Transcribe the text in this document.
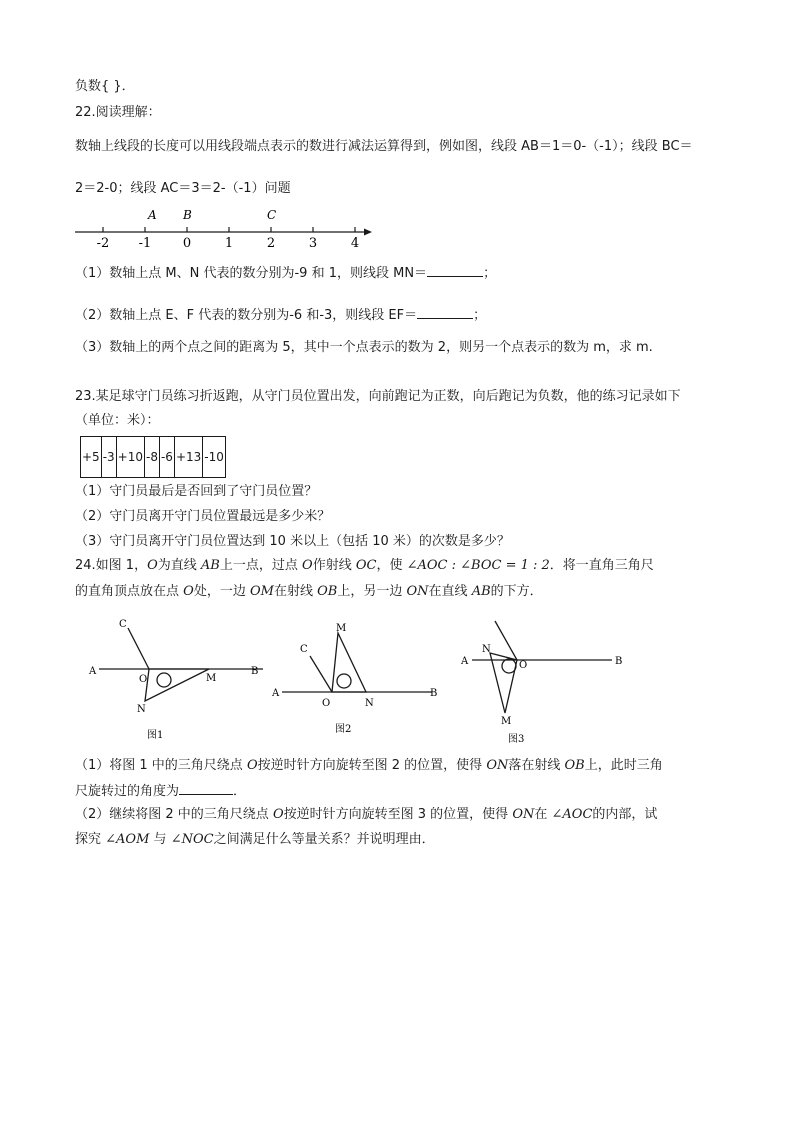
负数{ }．
22.阅读理解：
数轴上线段的长度可以用线段端点表示的数进行减法运算得到，例如图，线段 AB＝1＝0-（-1）；线段 BC＝
2＝2-0；线段 AC＝3＝2-（-1）问题
-2 -1 0	1	2	3	4
A B	C
（1）数轴上点 M、N 代表的数分别为-9 和 1，则线段 MN＝	；
（2）数轴上点 E、F 代表的数分别为-6 和-3，则线段 EF＝	；
（3）数轴上的两个点之间的距离为 5，其中一个点表示的数为 2，则另一个点表示的数为 m，求 m.
23.某足球守门员练习折返跑，从守门员位置出发，向前跑记为正数，向后跑记为负数，他的练习记录如下
（单位：米）：
+5	-3	+10	-8	-6	+13	-10
（1）守门员最后是否回到了守门员位置？
（2）守门员离开守门员位置最远是多少米？
（3）守门员离开守门员位置达到 10 米以上（包括 10 米）的次数是多少？
24.如图 1，O为直线 AB上一点，过点 O作射线 OC，使 ∠AOC : ∠BOC = 1 : 2．将一直角三角尺
的直角顶点放在点 O处，一边 OM在射线 OB上，另一边 ON在直线 AB的下方．
A	B
C
O	M
N
图1
A	B
C
O
M
N
图2
A	B
N
O
M
图3
（1）将图 1 中的三角尺绕点 O按逆时针方向旋转至图 2 的位置，使得 ON落在射线 OB上，此时三角
尺旋转过的角度为	．
（2）继续将图 2 中的三角尺绕点 O按逆时针方向旋转至图 3 的位置，使得 ON在 ∠AOC的内部，试
探究 ∠AOM 与 ∠NOC之间满足什么等量关系？并说明理由．
